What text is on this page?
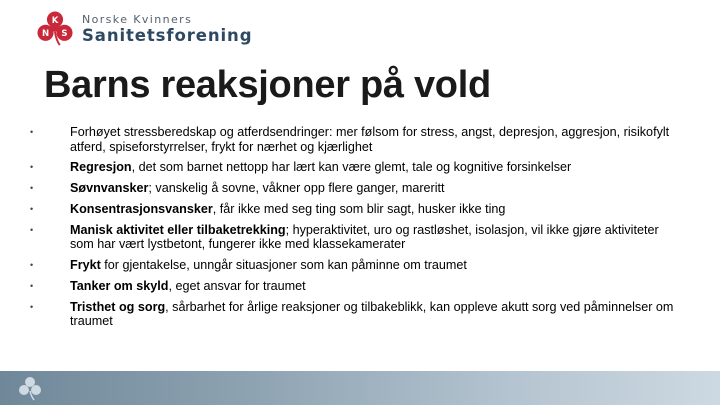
K
N S
Norske Kvinners
Sanitetsforening
Barns reaksjoner på vold
•	Forhøyet stressberedskap og atferdsendringer: mer følsom for stress, angst, depresjon, aggresjon, risikofylt atferd, spiseforstyrrelser, frykt for nærhet og kjærlighet
•	Regresjon, det som barnet nettopp har lært kan være glemt, tale og kognitive forsinkelser
•	Søvnvansker; vanskelig å sovne, våkner opp flere ganger, mareritt
•	Konsentrasjonsvansker, får ikke med seg ting som blir sagt, husker ikke ting
•	Manisk aktivitet eller tilbaketrekking; hyperaktivitet, uro og rastløshet, isolasjon, vil ikke gjøre aktiviteter som har vært lystbetont, fungerer ikke med klassekamerater
•	Frykt for gjentakelse, unngår situasjoner som kan påminne om traumet
•	Tanker om skyld, eget ansvar for traumet
•	Tristhet og sorg, sårbarhet for årlige reaksjoner og tilbakeblikk, kan oppleve akutt sorg ved påminnelser om traumet
